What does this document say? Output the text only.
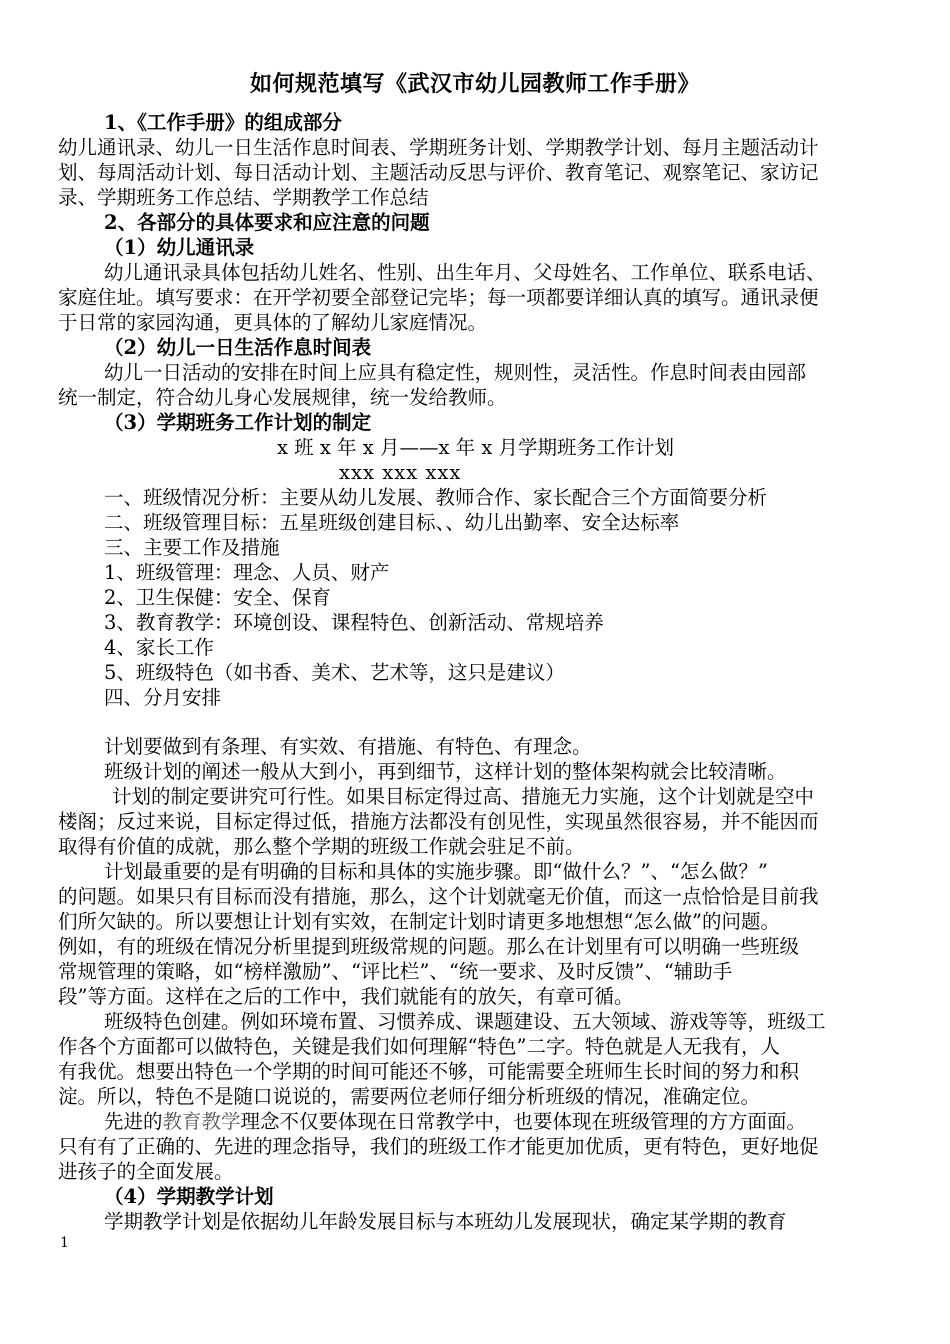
如何规范填写《武汉市幼儿园教师工作手册》
1、《工作手册》的组成部分
幼儿通讯录、幼儿一日生活作息时间表、学期班务计划、学期教学计划、每月主题活动计
划、每周活动计划、每日活动计划、主题活动反思与评价、教育笔记、观察笔记、家访记
录、学期班务工作总结、学期教学工作总结
2、各部分的具体要求和应注意的问题
（1）幼儿通讯录
幼儿通讯录具体包括幼儿姓名、性别、出生年月、父母姓名、工作单位、联系电话、
家庭住址。填写要求：在开学初要全部登记完毕；每一项都要详细认真的填写。通讯录便
于日常的家园沟通，更具体的了解幼儿家庭情况。
（2）幼儿一日生活作息时间表
幼儿一日活动的安排在时间上应具有稳定性，规则性，灵活性。作息时间表由园部
统一制定，符合幼儿身心发展规律，统一发给教师。
（3）学期班务工作计划的制定
x 班 x 年 x 月——x 年 x 月学期班务工作计划
xxx xxx xxx
一、班级情况分析：主要从幼儿发展、教师合作、家长配合三个方面简要分析
二、班级管理目标：五星班级创建目标、、幼儿出勤率、安全达标率
三、主要工作及措施
1、班级管理：理念、人员、财产
2、卫生保健：安全、保育
3、教育教学：环境创设、课程特色、创新活动、常规培养
4、家长工作
5、班级特色（如书香、美术、艺术等，这只是建议）
四、分月安排
计划要做到有条理、有实效、有措施、有特色、有理念。
班级计划的阐述一般从大到小，再到细节，这样计划的整体架构就会比较清晰。
计划的制定要讲究可行性。如果目标定得过高、措施无力实施，这个计划就是空中
楼阁；反过来说，目标定得过低，措施方法都没有创见性，实现虽然很容易，并不能因而
取得有价值的成就，那么整个学期的班级工作就会驻足不前。
计划最重要的是有明确的目标和具体的实施步骤。即“做什么？”、“怎么做？”
的问题。如果只有目标而没有措施，那么，这个计划就毫无价值，而这一点恰恰是目前我
们所欠缺的。所以要想让计划有实效，在制定计划时请更多地想想“怎么做”的问题。
例如，有的班级在情况分析里提到班级常规的问题。那么在计划里有可以明确一些班级
常规管理的策略，如“榜样激励”、“评比栏”、“统一要求、及时反馈”、“辅助手
段”等方面。这样在之后的工作中，我们就能有的放矢，有章可循。
班级特色创建。例如环境布置、习惯养成、课题建设、五大领域、游戏等等，班级工
作各个方面都可以做特色，关键是我们如何理解“特色”二字。特色就是人无我有，人
有我优。想要出特色一个学期的时间可能还不够，可能需要全班师生长时间的努力和积
淀。所以，特色不是随口说说的，需要两位老师仔细分析班级的情况，准确定位。
先进的教育教学理念不仅要体现在日常教学中，也要体现在班级管理的方方面面。
只有有了正确的、先进的理念指导，我们的班级工作才能更加优质，更有特色，更好地促
进孩子的全面发展。
（4）学期教学计划
学期教学计划是依据幼儿年龄发展目标与本班幼儿发展现状，确定某学期的教育
1
